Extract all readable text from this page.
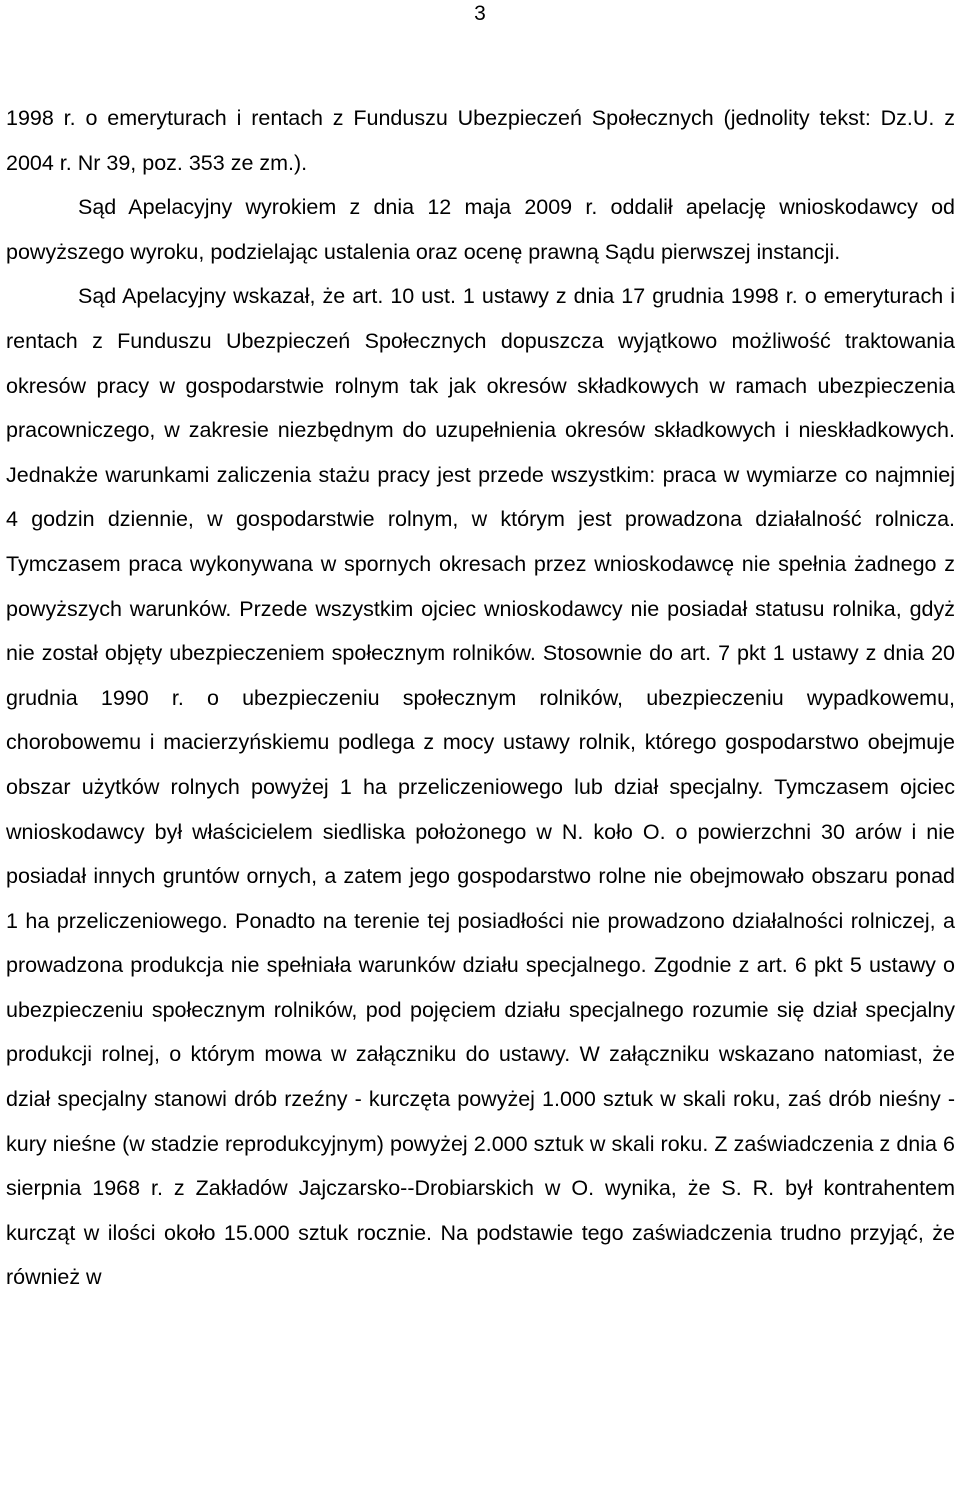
3

1998 r. o emeryturach i rentach z Funduszu Ubezpieczeń Społecznych (jednolity tekst: Dz.U. z 2004 r. Nr 39, poz. 353 ze zm.).

Sąd Apelacyjny wyrokiem z dnia 12 maja 2009 r. oddalił apelację wnioskodawcy od powyższego wyroku, podzielając ustalenia oraz ocenę prawną Sądu pierwszej instancji.

Sąd Apelacyjny wskazał, że art. 10 ust. 1 ustawy z dnia 17 grudnia 1998 r. o emeryturach i rentach z Funduszu Ubezpieczeń Społecznych dopuszcza wyjątkowo możliwość traktowania okresów pracy w gospodarstwie rolnym tak jak okresów składkowych w ramach ubezpieczenia pracowniczego, w zakresie niezbędnym do uzupełnienia okresów składkowych i nieskładkowych. Jednakże warunkami zaliczenia stażu pracy jest przede wszystkim: praca w wymiarze co najmniej 4 godzin dziennie, w gospodarstwie rolnym, w którym jest prowadzona działalność rolnicza. Tymczasem praca wykonywana w spornych okresach przez wnioskodawcę nie spełnia żadnego z powyższych warunków. Przede wszystkim ojciec wnioskodawcy nie posiadał statusu rolnika, gdyż nie został objęty ubezpieczeniem społecznym rolników. Stosownie do art. 7 pkt 1 ustawy z dnia 20 grudnia 1990 r. o ubezpieczeniu społecznym rolników, ubezpieczeniu wypadkowemu, chorobowemu i macierzyńskiemu podlega z mocy ustawy rolnik, którego gospodarstwo obejmuje obszar użytków rolnych powyżej 1 ha przeliczeniowego lub dział specjalny. Tymczasem ojciec wnioskodawcy był właścicielem siedliska położonego w N. koło O. o powierzchni 30 arów i nie posiadał innych gruntów ornych, a zatem jego gospodarstwo rolne nie obejmowało obszaru ponad 1 ha przeliczeniowego. Ponadto na terenie tej posiadłości nie prowadzono działalności rolniczej, a prowadzona produkcja nie spełniała warunków działu specjalnego. Zgodnie z art. 6 pkt 5 ustawy o ubezpieczeniu społecznym rolników, pod pojęciem działu specjalnego rozumie się dział specjalny produkcji rolnej, o którym mowa w załączniku do ustawy. W załączniku wskazano natomiast, że dział specjalny stanowi drób rzeźny - kurczęta powyżej 1.000 sztuk w skali roku, zaś drób nieśny - kury nieśne (w stadzie reprodukcyjnym) powyżej 2.000 sztuk w skali roku. Z zaświadczenia z dnia 6 sierpnia 1968 r. z Zakładów Jajczarsko--Drobiarskich w O. wynika, że S. R. był kontrahentem kurcząt w ilości około 15.000 sztuk rocznie. Na podstawie tego zaświadczenia trudno przyjąć, że również w
